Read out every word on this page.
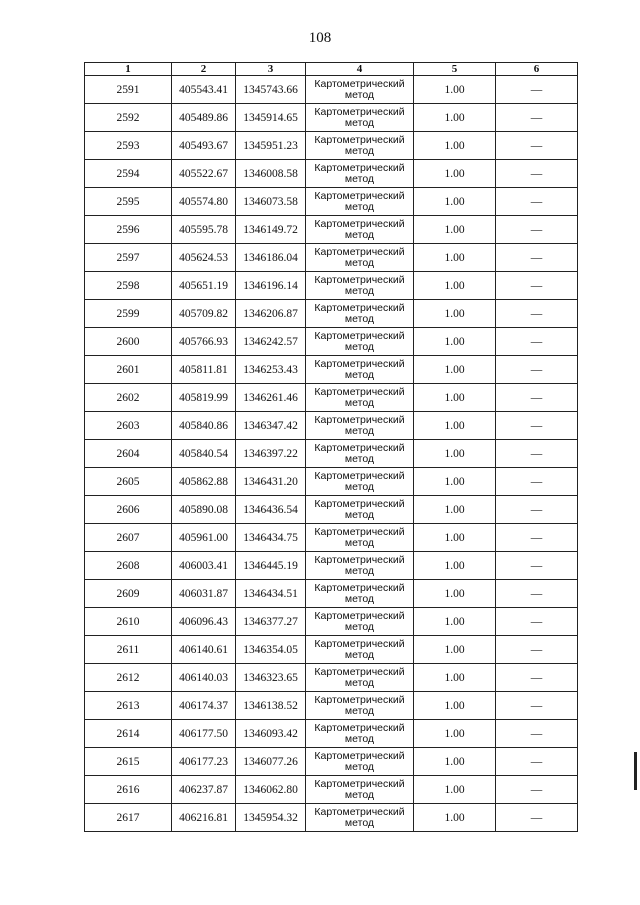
108
1	2	3	4	5	6
2591	405543.41	1345743.66	Картометрический метод	1.00	—
2592	405489.86	1345914.65	Картометрический метод	1.00	—
2593	405493.67	1345951.23	Картометрический метод	1.00	—
2594	405522.67	1346008.58	Картометрический метод	1.00	—
2595	405574.80	1346073.58	Картометрический метод	1.00	—
2596	405595.78	1346149.72	Картометрический метод	1.00	—
2597	405624.53	1346186.04	Картометрический метод	1.00	—
2598	405651.19	1346196.14	Картометрический метод	1.00	—
2599	405709.82	1346206.87	Картометрический метод	1.00	—
2600	405766.93	1346242.57	Картометрический метод	1.00	—
2601	405811.81	1346253.43	Картометрический метод	1.00	—
2602	405819.99	1346261.46	Картометрический метод	1.00	—
2603	405840.86	1346347.42	Картометрический метод	1.00	—
2604	405840.54	1346397.22	Картометрический метод	1.00	—
2605	405862.88	1346431.20	Картометрический метод	1.00	—
2606	405890.08	1346436.54	Картометрический метод	1.00	—
2607	405961.00	1346434.75	Картометрический метод	1.00	—
2608	406003.41	1346445.19	Картометрический метод	1.00	—
2609	406031.87	1346434.51	Картометрический метод	1.00	—
2610	406096.43	1346377.27	Картометрический метод	1.00	—
2611	406140.61	1346354.05	Картометрический метод	1.00	—
2612	406140.03	1346323.65	Картометрический метод	1.00	—
2613	406174.37	1346138.52	Картометрический метод	1.00	—
2614	406177.50	1346093.42	Картометрический метод	1.00	—
2615	406177.23	1346077.26	Картометрический метод	1.00	—
2616	406237.87	1346062.80	Картометрический метод	1.00	—
2617	406216.81	1345954.32	Картометрический метод	1.00	—
